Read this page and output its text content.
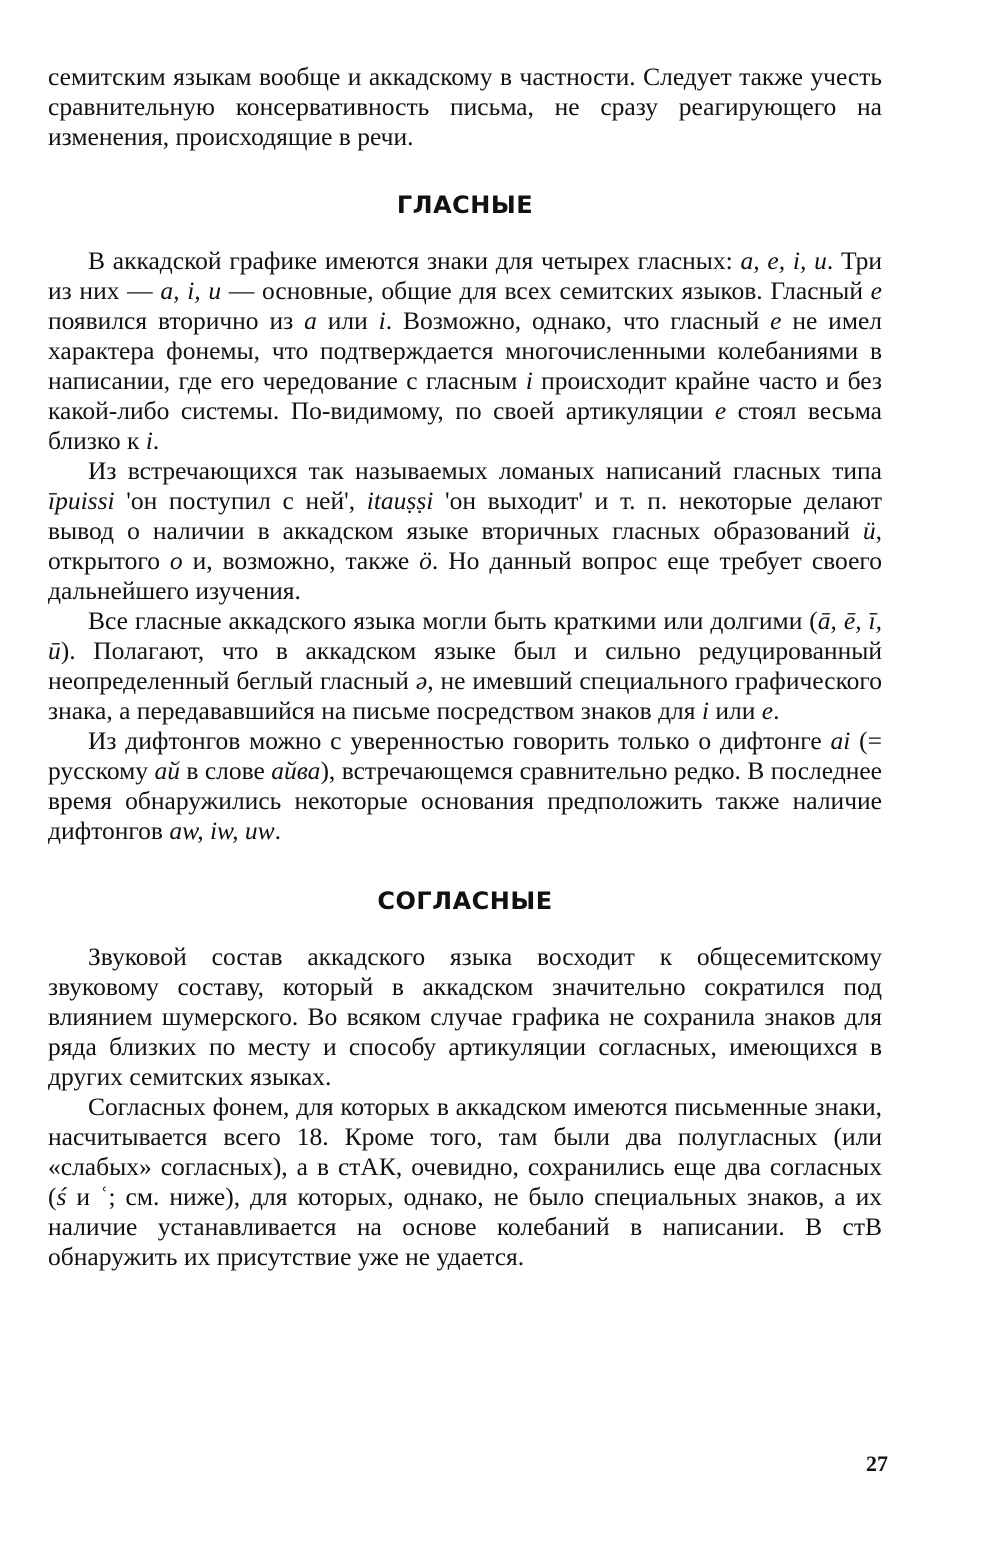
семитским языкам вообще и аккадскому в частности. Следует также учесть сравнительную консервативность письма, не сразу реагирующего на изменения, происходящие в речи.

ГЛАСНЫЕ

В аккадской графике имеются знаки для четырех гласных: a, e, i, u. Три из них — a, i, u — основные, общие для всех семитских языков. Гласный e появился вторично из a или i. Возможно, однако, что гласный e не имел характера фонемы, что подтверждается многочисленными колебаниями в написании, где его чередование с гласным i происходит крайне часто и без какой-либо системы. По-видимому, по своей артикуляции e стоял весьма близко к i.

Из встречающихся так называемых ломаных написаний гласных типа īpuissi 'он поступил с ней', itauṣṣi 'он выходит' и т. п. некоторые делают вывод о наличии в аккадском языке вторичных гласных образований ü, открытого o и, возможно, также ö. Но данный вопрос еще требует своего дальнейшего изучения.

Все гласные аккадского языка могли быть краткими или долгими (ā, ē, ī, ū). Полагают, что в аккадском языке был и сильно редуцированный неопределенный беглый гласный ə, не имевший специального графического знака, а передававшийся на письме посредством знаков для i или e.

Из дифтонгов можно с уверенностью говорить только о дифтонге ai (= русскому ай в слове айва), встречающемся сравнительно редко. В последнее время обнаружились некоторые основания предположить также наличие дифтонгов aw, iw, uw.

СОГЛАСНЫЕ

Звуковой состав аккадского языка восходит к общесемитскому звуковому составу, который в аккадском значительно сократился под влиянием шумерского. Во всяком случае графика не сохранила знаков для ряда близких по месту и способу артикуляции согласных, имеющихся в других семитских языках.

Согласных фонем, для которых в аккадском имеются письменные знаки, насчитывается всего 18. Кроме того, там были два полугласных (или «слабых» согласных), а в стАК, очевидно, сохранились еще два согласных (ś и ʿ; см. ниже), для которых, однако, не было специальных знаков, а их наличие устанавливается на основе колебаний в написании. В стВ обнаружить их присутствие уже не удается.

27
